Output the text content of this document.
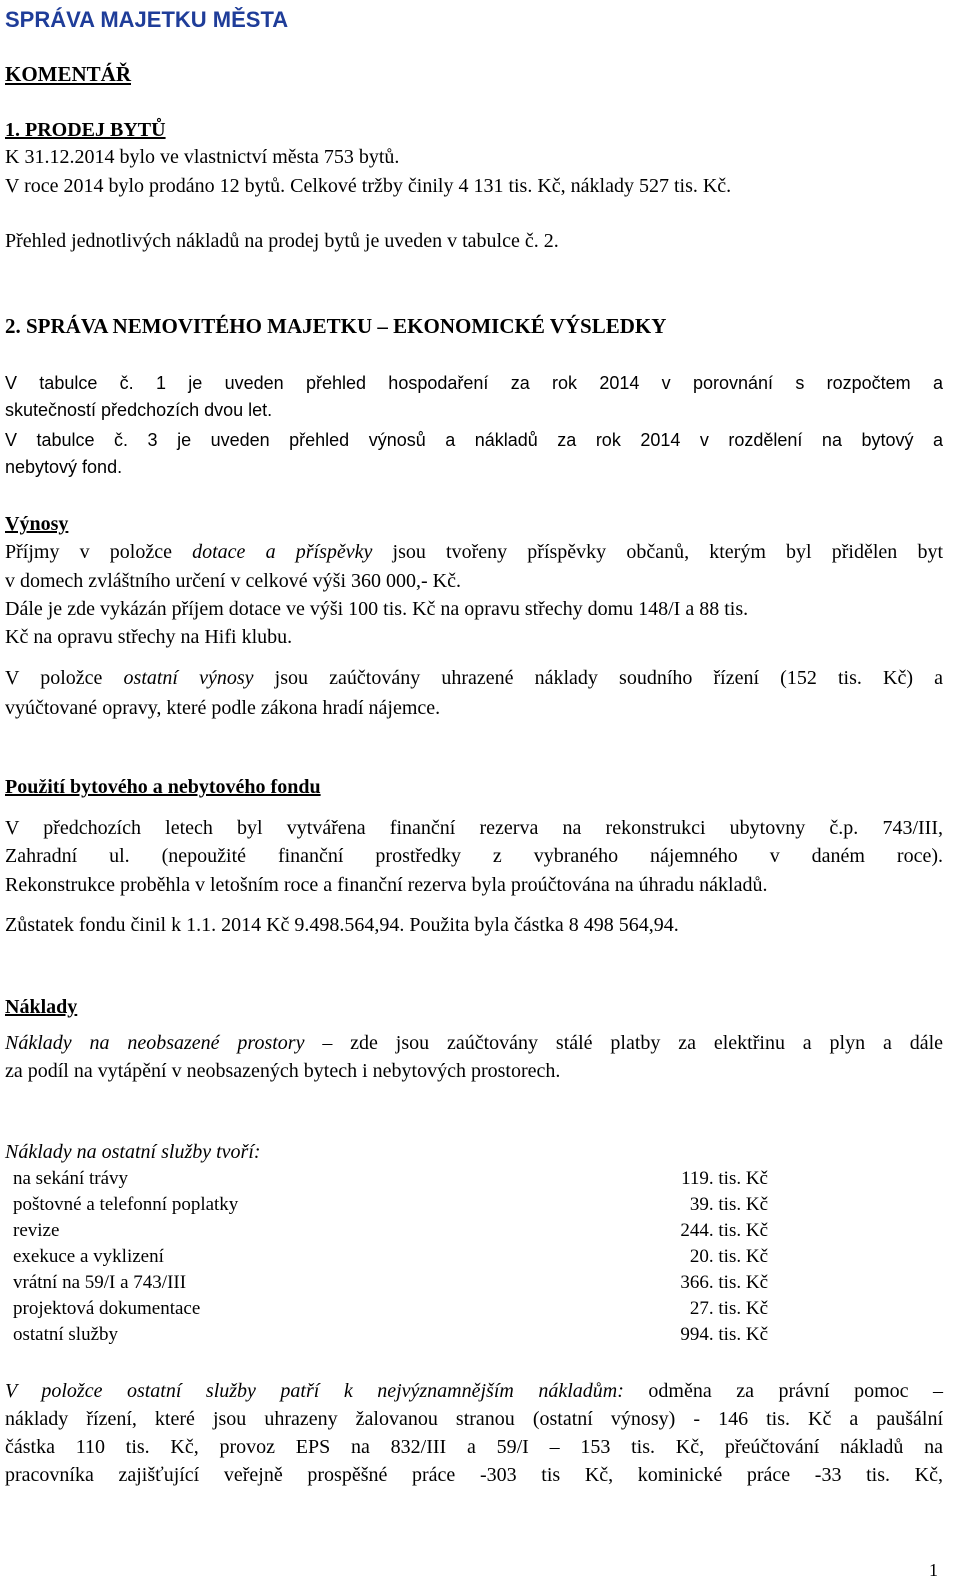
SPRÁVA MAJETKU MĚSTA
KOMENTÁŘ
1. PRODEJ BYTŮ
K 31.12.2014 bylo ve vlastnictví města 753 bytů.
V roce 2014 bylo prodáno 12 bytů. Celkové tržby činily 4 131 tis. Kč, náklady 527 tis. Kč.
Přehled jednotlivých nákladů na prodej bytů je uveden v tabulce č. 2.
2. SPRÁVA NEMOVITÉHO MAJETKU – EKONOMICKÉ VÝSLEDKY
V tabulce č. 1 je uveden přehled hospodaření za rok 2014 v porovnání s rozpočtem a
skutečností předchozích dvou let.
V tabulce č. 3 je uveden přehled výnosů a nákladů za rok 2014 v rozdělení na bytový a
nebytový fond.
Výnosy
Příjmy v položce dotace a příspěvky jsou tvořeny příspěvky občanů, kterým byl přidělen byt
v domech zvláštního určení v celkové výši 360 000,- Kč.
Dále je zde vykázán příjem dotace ve výši 100 tis. Kč na opravu střechy domu 148/I a 88 tis.
Kč na opravu střechy na Hifi klubu.
V položce ostatní výnosy jsou zaúčtovány uhrazené náklady soudního řízení (152 tis. Kč) a
vyúčtované opravy, které podle zákona hradí nájemce.
Použití bytového a nebytového fondu
V předchozích letech byl vytvářena finanční rezerva na rekonstrukci ubytovny č.p. 743/III,
Zahradní ul. (nepoužité finanční prostředky z vybraného nájemného v daném roce).
Rekonstrukce proběhla v letošním roce a finanční rezerva byla proúčtována na úhradu nákladů.
Zůstatek fondu činil k 1.1. 2014 Kč 9.498.564,94. Použita byla částka 8 498 564,94.
Náklady
Náklady na neobsazené prostory – zde jsou zaúčtovány stálé platby za elektřinu a plyn a dále
za podíl na vytápění v neobsazených bytech i nebytových prostorech.
Náklady na ostatní služby tvoří:
na sekání trávy	119. tis. Kč
poštovné a telefonní poplatky	39. tis. Kč
revize	244. tis. Kč
exekuce a vyklizení	20. tis. Kč
vrátní na 59/I a 743/III	366. tis. Kč
projektová dokumentace	27. tis. Kč
ostatní služby	994. tis. Kč
V položce ostatní služby patří k nejvýznamnějším nákladům: odměna za právní pomoc –
náklady řízení, které jsou uhrazeny žalovanou stranou (ostatní výnosy) - 146 tis. Kč a paušální
částka 110 tis. Kč, provoz EPS na 832/III a 59/I – 153 tis. Kč, přeúčtování nákladů na
pracovníka zajišťující veřejně prospěšné práce -303 tis Kč, kominické práce -33 tis. Kč,
1
